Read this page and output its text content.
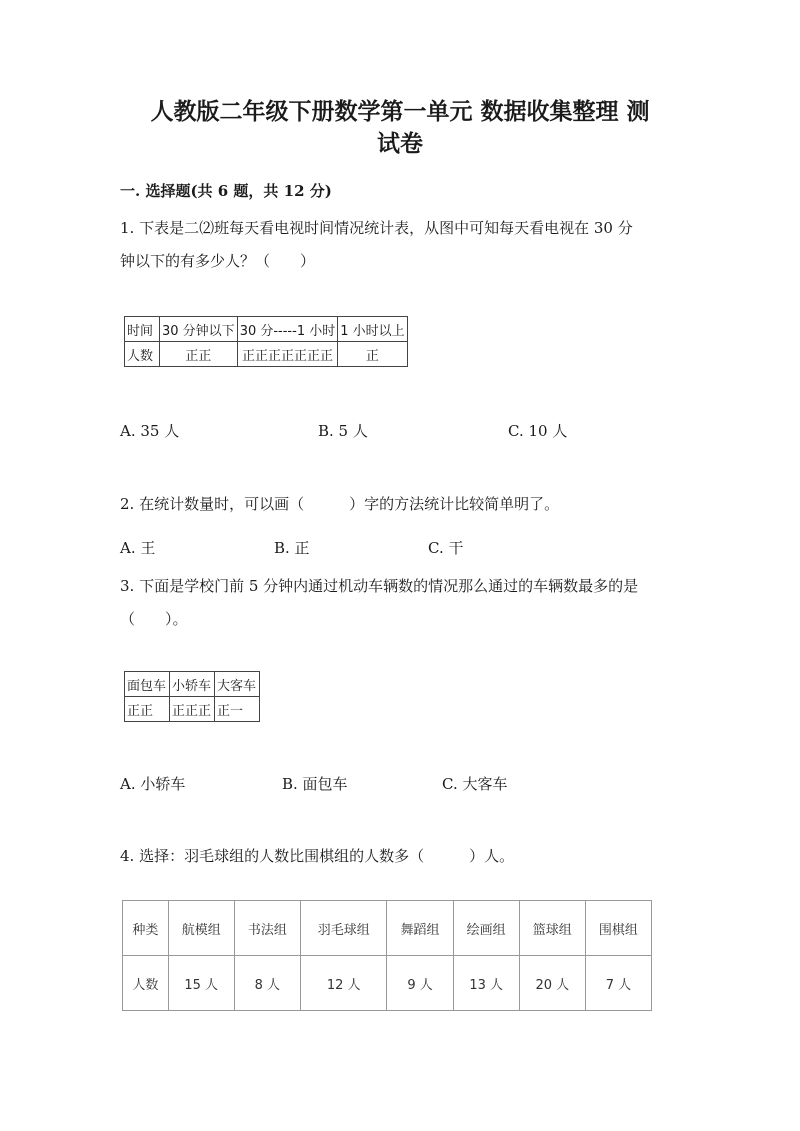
人教版二年级下册数学第一单元 数据收集整理 测
试卷
一. 选择题(共 6 题，共 12 分)
1. 下表是二⑵班每天看电视时间情况统计表，从图中可知每天看电视在 30 分
钟以下的有多少人？（　　）
时间	30 分钟以下	30 分-----1 小时	1 小时以上
人数	正正	正正正正正正正	正
A. 35 人	B. 5 人	C. 10 人
2. 在统计数量时，可以画（　　　）字的方法统计比较简单明了。
A. 王	B. 正	C. 干
3. 下面是学校门前 5 分钟内通过机动车辆数的情况那么通过的车辆数最多的是
（　　）。
面包车	小轿车	大客车
正正	正正正	正一
A. 小轿车	B. 面包车	C. 大客车
4. 选择：羽毛球组的人数比围棋组的人数多（　　　）人。
种类	航模组	书法组	羽毛球组	舞蹈组	绘画组	篮球组	围棋组
人数	15 人	8 人	12 人	9 人	13 人	20 人	7 人
